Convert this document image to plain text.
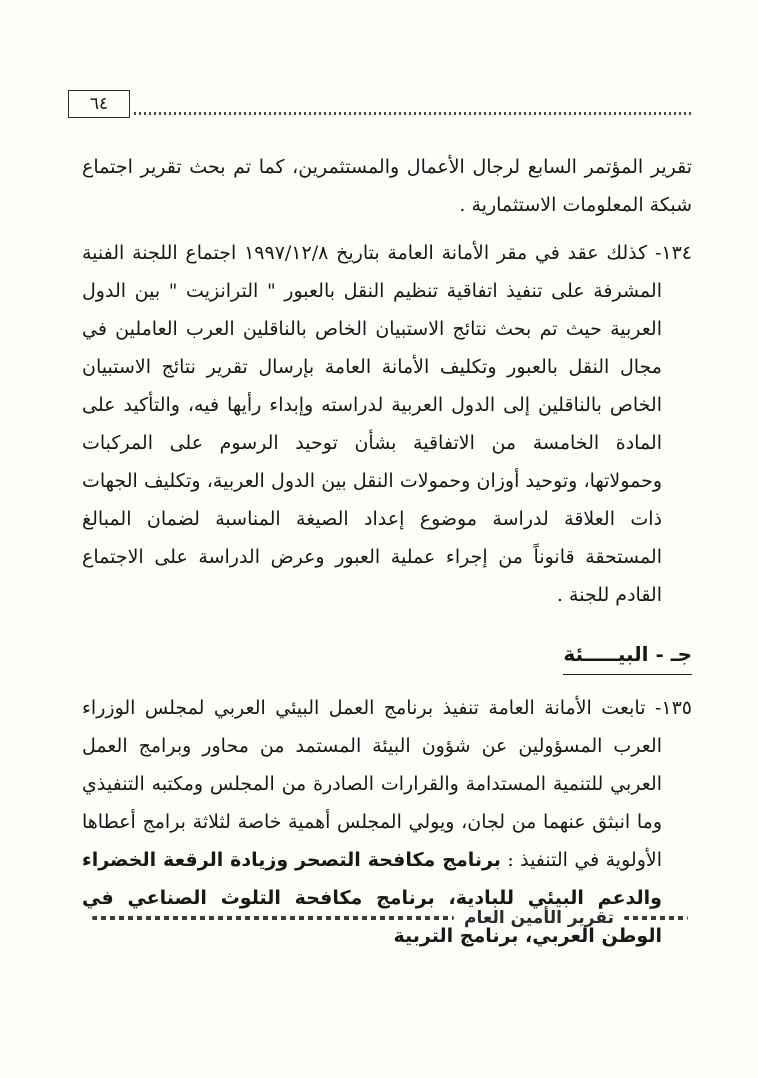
٦٤

تقرير المؤتمر السابع لرجال الأعمال والمستثمرين، كما تم بحث تقرير اجتماع شبكة المعلومات الاستثمارية .

١٣٤- كذلك عقد في مقر الأمانة العامة بتاريخ ١٩٩٧/١٢/٨ اجتماع اللجنة الفنية المشرفة على تنفيذ اتفاقية تنظيم النقل بالعبور " الترانزيت " بين الدول العربية حيث تم بحث نتائج الاستبيان الخاص بالناقلين العرب العاملين في مجال النقل بالعبور وتكليف الأمانة العامة بإرسال تقرير نتائج الاستبيان الخاص بالناقلين إلى الدول العربية لدراسته وإبداء رأيها فيه، والتأكيد على المادة الخامسة من الاتفاقية بشأن توحيد الرسوم على المركبات وحمولاتها، وتوحيد أوزان وحمولات النقل بين الدول العربية، وتكليف الجهات ذات العلاقة لدراسة موضوع إعداد الصيغة المناسبة لضمان المبالغ المستحقة قانوناً من إجراء عملية العبور وعرض الدراسة على الاجتماع القادم للجنة .

جـ - البيـــــئة

١٣٥- تابعت الأمانة العامة تنفيذ برنامج العمل البيئي العربي لمجلس الوزراء العرب المسؤولين عن شؤون البيئة المستمد من محاور وبرامج العمل العربي للتنمية المستدامة والقرارات الصادرة من المجلس ومكتبه التنفيذي وما انبثق عنهما من لجان، ويولي المجلس أهمية خاصة لثلاثة برامج أعطاها الأولوية في التنفيذ : برنامج مكافحة التصحر وزيادة الرقعة الخضراء والدعم البيئي للبادية، برنامج مكافحة التلوث الصناعي في الوطن العربي، برنامج التربية

تقرير الأمين العام
